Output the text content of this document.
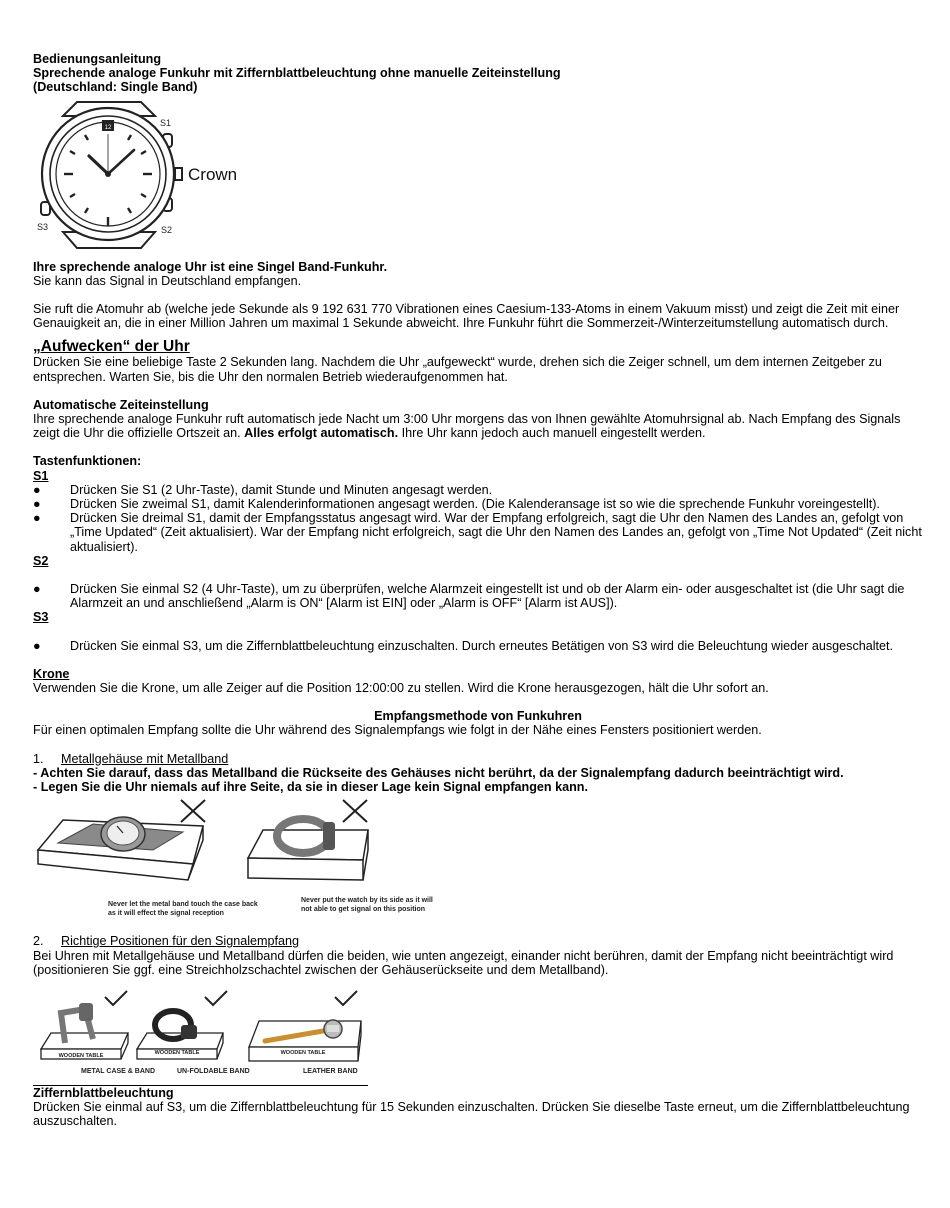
Bedienungsanleitung

Sprechende analoge Funkuhr mit Ziffernblattbeleuchtung ohne manuelle Zeiteinstellung

(Deutschland: Single Band)

12	S1
S2
S3
Crown

Ihre sprechende analoge Uhr ist eine Singel Band-Funkuhr.

Sie kann das Signal in Deutschland empfangen.

Sie ruft die Atomuhr ab (welche jede Sekunde als 9 192 631 770 Vibrationen eines Caesium-133-Atoms in einem Vakuum misst) und zeigt die Zeit mit einer Genauigkeit an, die in einer Million Jahren um maximal 1 Sekunde abweicht. Ihre Funkuhr führt die Sommerzeit-/Winterzeitumstellung automatisch durch.

„Aufwecken“ der Uhr

Drücken Sie eine beliebige Taste 2 Sekunden lang. Nachdem die Uhr „aufgeweckt“ wurde, drehen sich die Zeiger schnell, um dem internen Zeitgeber zu entsprechen. Warten Sie, bis die Uhr den normalen Betrieb wiederaufgenommen hat.

Automatische Zeiteinstellung

Ihre sprechende analoge Funkuhr ruft automatisch jede Nacht um 3:00 Uhr morgens das von Ihnen gewählte Atomuhrsignal ab. Nach Empfang des Signals zeigt die Uhr die offizielle Ortszeit an. Alles erfolgt automatisch. Ihre Uhr kann jedoch auch manuell eingestellt werden.

Tastenfunktionen:

S1

● Drücken Sie S1 (2 Uhr-Taste), damit Stunde und Minuten angesagt werden.
● Drücken Sie zweimal S1, damit Kalenderinformationen angesagt werden. (Die Kalenderansage ist so wie die sprechende Funkuhr voreingestellt).
● Drücken Sie dreimal S1, damit der Empfangsstatus angesagt wird. War der Empfang erfolgreich, sagt die Uhr den Namen des Landes an, gefolgt von „Time Updated“ (Zeit aktualisiert). War der Empfang nicht erfolgreich, sagt die Uhr den Namen des Landes an, gefolgt von „Time Not Updated“ (Zeit nicht aktualisiert).

S2

● Drücken Sie einmal S2 (4 Uhr-Taste), um zu überprüfen, welche Alarmzeit eingestellt ist und ob der Alarm ein- oder ausgeschaltet ist (die Uhr sagt die Alarmzeit an und anschließend „Alarm is ON“ [Alarm ist EIN] oder „Alarm is OFF“ [Alarm ist AUS]).

S3

● Drücken Sie einmal S3, um die Ziffernblattbeleuchtung einzuschalten. Durch erneutes Betätigen von S3 wird die Beleuchtung wieder ausgeschaltet.

Krone

Verwenden Sie die Krone, um alle Zeiger auf die Position 12:00:00 zu stellen. Wird die Krone herausgezogen, hält die Uhr sofort an.

Empfangsmethode von Funkuhren

Für einen optimalen Empfang sollte die Uhr während des Signalempfangs wie folgt in der Nähe eines Fensters positioniert werden.

1. Metallgehäuse mit Metallband

- Achten Sie darauf, dass das Metallband die Rückseite des Gehäuses nicht berührt, da der Signalempfang dadurch beeinträchtigt wird.

- Legen Sie die Uhr niemals auf ihre Seite, da sie in dieser Lage kein Signal empfangen kann.

Never let the metal band touch the case back
as it will effect the signal reception
Never put the watch by its side as it will
not able to get signal on this position

2. Richtige Positionen für den Signalempfang

Bei Uhren mit Metallgehäuse und Metallband dürfen die beiden, wie unten angezeigt, einander nicht berühren, damit der Empfang nicht beeinträchtigt wird (positionieren Sie ggf. eine Streichholzschachtel zwischen der Gehäuserückseite und dem Metallband).

WOODEN TABLE
METAL CASE & BAND
WOODEN TABLE
UN-FOLDABLE BAND
WOODEN TABLE
LEATHER BAND

Ziffernblattbeleuchtung

Drücken Sie einmal auf S3, um die Ziffernblattbeleuchtung für 15 Sekunden einzuschalten. Drücken Sie dieselbe Taste erneut, um die Ziffernblattbeleuchtung auszuschalten.
